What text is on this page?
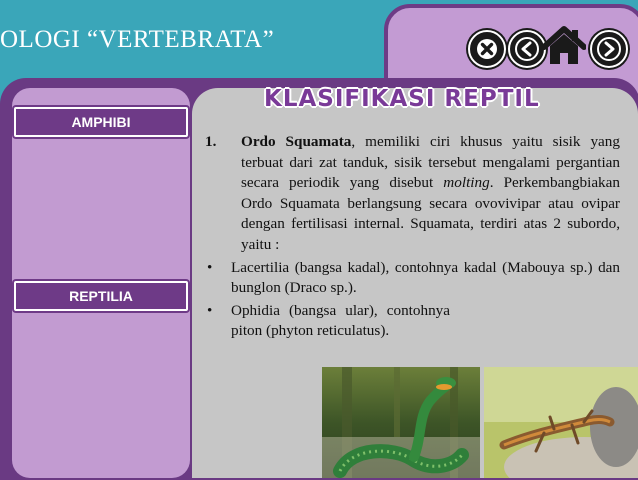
OLOGI “VERTEBRATA”
AMPHIBI
REPTILIA
KLASIFIKASI REPTIL
1.	Ordo Squamata, memiliki ciri khusus yaitu sisik yang terbuat dari zat tanduk, sisik tersebut mengalami pergantian secara periodik yang disebut molting. Perkembangbiakan Ordo Squamata berlangsung secara ovovivipar atau ovipar dengan fertilisasi internal. Squamata, terdiri atas 2 subordo, yaitu :
•	Lacertilia (bangsa kadal), contohnya kadal (Mabouya sp.) dan bunglon (Draco sp.).
•	Ophidia (bangsa ular), contohnya piton (phyton reticulatus).
